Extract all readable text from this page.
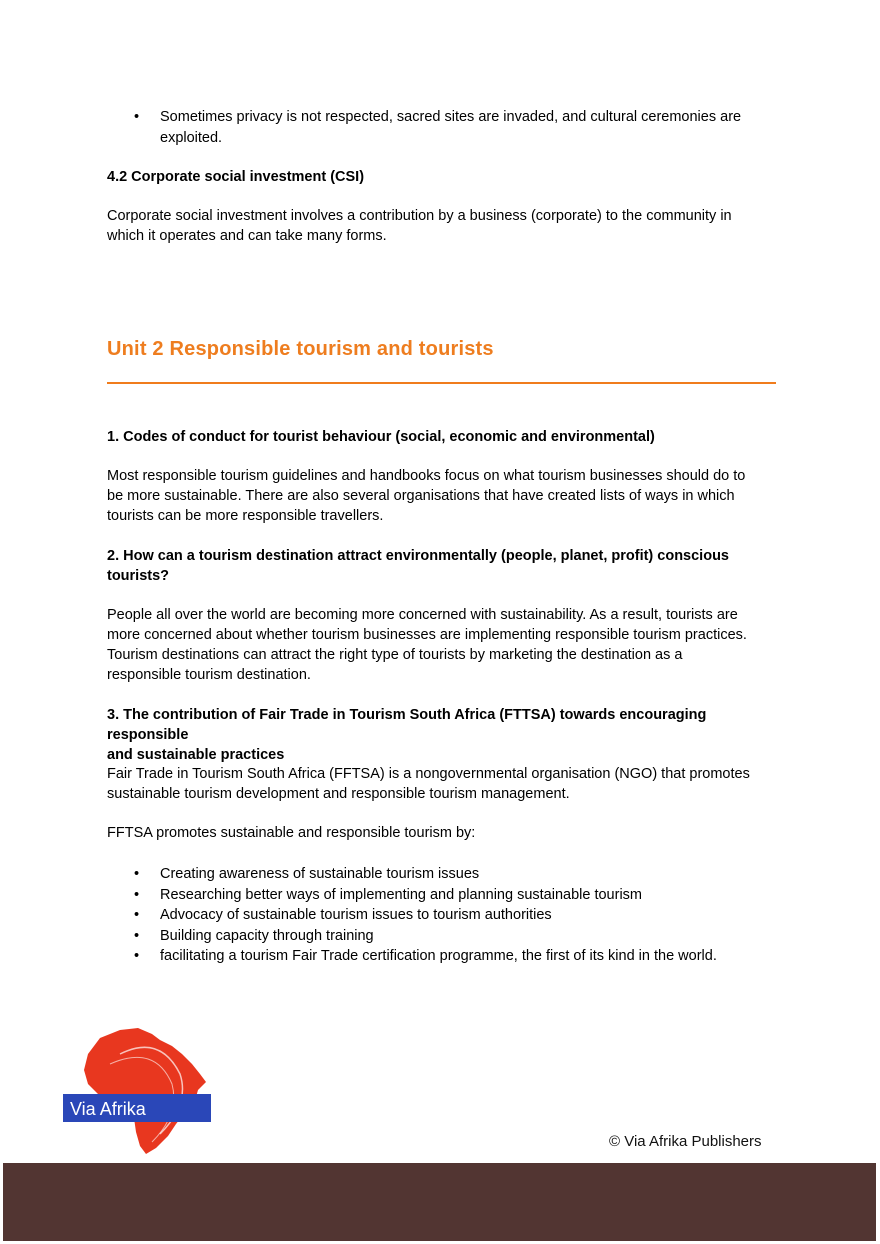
•	Sometimes privacy is not respected, sacred sites are invaded, and cultural ceremonies are
exploited.
4.2 Corporate social investment (CSI)
Corporate social investment involves a contribution by a business (corporate) to the community in
which it operates and can take many forms.
Unit 2 Responsible tourism and tourists
1. Codes of conduct for tourist behaviour (social, economic and environmental)
Most responsible tourism guidelines and handbooks focus on what tourism businesses should do to
be more sustainable. There are also several organisations that have created lists of ways in which
tourists can be more responsible travellers.
2. How can a tourism destination attract environmentally (people, planet, profit) conscious
tourists?
People all over the world are becoming more concerned with sustainability. As a result, tourists are
more concerned about whether tourism businesses are implementing responsible tourism practices.
Tourism destinations can attract the right type of tourists by marketing the destination as a
responsible tourism destination.
3. The contribution of Fair Trade in Tourism South Africa (FTTSA) towards encouraging responsible
and sustainable practices
Fair Trade in Tourism South Africa (FFTSA) is a nongovernmental organisation (NGO) that promotes
sustainable tourism development and responsible tourism management.
FFTSA promotes sustainable and responsible tourism by:
•	Creating awareness of sustainable tourism issues
•	Researching better ways of implementing and planning sustainable tourism
•	Advocacy of sustainable tourism issues to tourism authorities
•	Building capacity through training
•	facilitating a tourism Fair Trade certification programme, the first of its kind in the world.
Via Afrika
© Via Afrika Publishers
